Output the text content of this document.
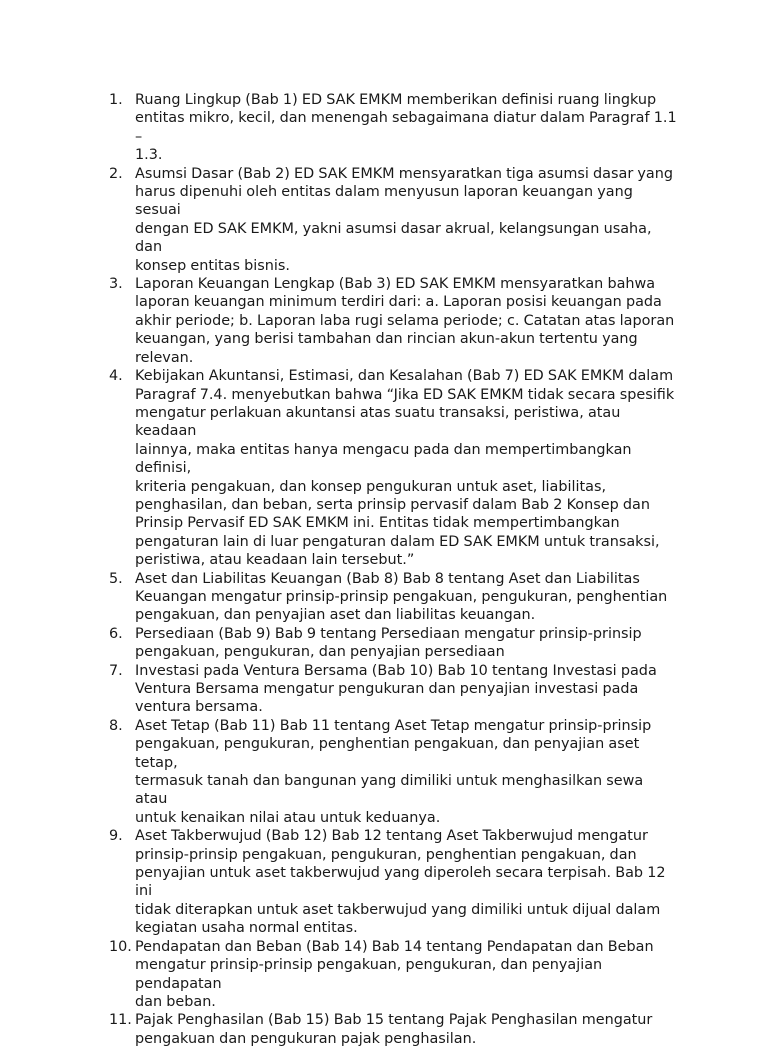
1. Ruang Lingkup (Bab 1) ED SAK EMKM memberikan definisi ruang lingkup
entitas mikro, kecil, dan menengah sebagaimana diatur dalam Paragraf 1.1 –
1.3.
2. Asumsi Dasar (Bab 2) ED SAK EMKM mensyaratkan tiga asumsi dasar yang
harus dipenuhi oleh entitas dalam menyusun laporan keuangan yang sesuai
dengan ED SAK EMKM, yakni asumsi dasar akrual, kelangsungan usaha, dan
konsep entitas bisnis.
3. Laporan Keuangan Lengkap (Bab 3) ED SAK EMKM mensyaratkan bahwa
laporan keuangan minimum terdiri dari: a. Laporan posisi keuangan pada
akhir periode; b. Laporan laba rugi selama periode; c. Catatan atas laporan
keuangan, yang berisi tambahan dan rincian akun-akun tertentu yang
relevan.
4. Kebijakan Akuntansi, Estimasi, dan Kesalahan (Bab 7) ED SAK EMKM dalam
Paragraf 7.4. menyebutkan bahwa “Jika ED SAK EMKM tidak secara spesifik
mengatur perlakuan akuntansi atas suatu transaksi, peristiwa, atau keadaan
lainnya, maka entitas hanya mengacu pada dan mempertimbangkan definisi,
kriteria pengakuan, dan konsep pengukuran untuk aset, liabilitas,
penghasilan, dan beban, serta prinsip pervasif dalam Bab 2 Konsep dan
Prinsip Pervasif ED SAK EMKM ini. Entitas tidak mempertimbangkan
pengaturan lain di luar pengaturan dalam ED SAK EMKM untuk transaksi,
peristiwa, atau keadaan lain tersebut.”
5. Aset dan Liabilitas Keuangan (Bab 8) Bab 8 tentang Aset dan Liabilitas
Keuangan mengatur prinsip-prinsip pengakuan, pengukuran, penghentian
pengakuan, dan penyajian aset dan liabilitas keuangan.
6. Persediaan (Bab 9) Bab 9 tentang Persediaan mengatur prinsip-prinsip
pengakuan, pengukuran, dan penyajian persediaan
7. Investasi pada Ventura Bersama (Bab 10) Bab 10 tentang Investasi pada
Ventura Bersama mengatur pengukuran dan penyajian investasi pada
ventura bersama.
8. Aset Tetap (Bab 11) Bab 11 tentang Aset Tetap mengatur prinsip-prinsip
pengakuan, pengukuran, penghentian pengakuan, dan penyajian aset tetap,
termasuk tanah dan bangunan yang dimiliki untuk menghasilkan sewa atau
untuk kenaikan nilai atau untuk keduanya.
9. Aset Takberwujud (Bab 12) Bab 12 tentang Aset Takberwujud mengatur
prinsip-prinsip pengakuan, pengukuran, penghentian pengakuan, dan
penyajian untuk aset takberwujud yang diperoleh secara terpisah. Bab 12 ini
tidak diterapkan untuk aset takberwujud yang dimiliki untuk dijual dalam
kegiatan usaha normal entitas.
10. Pendapatan dan Beban (Bab 14) Bab 14 tentang Pendapatan dan Beban
mengatur prinsip-prinsip pengakuan, pengukuran, dan penyajian pendapatan
dan beban.
11. Pajak Penghasilan (Bab 15) Bab 15 tentang Pajak Penghasilan mengatur
pengakuan dan pengukuran pajak penghasilan.
